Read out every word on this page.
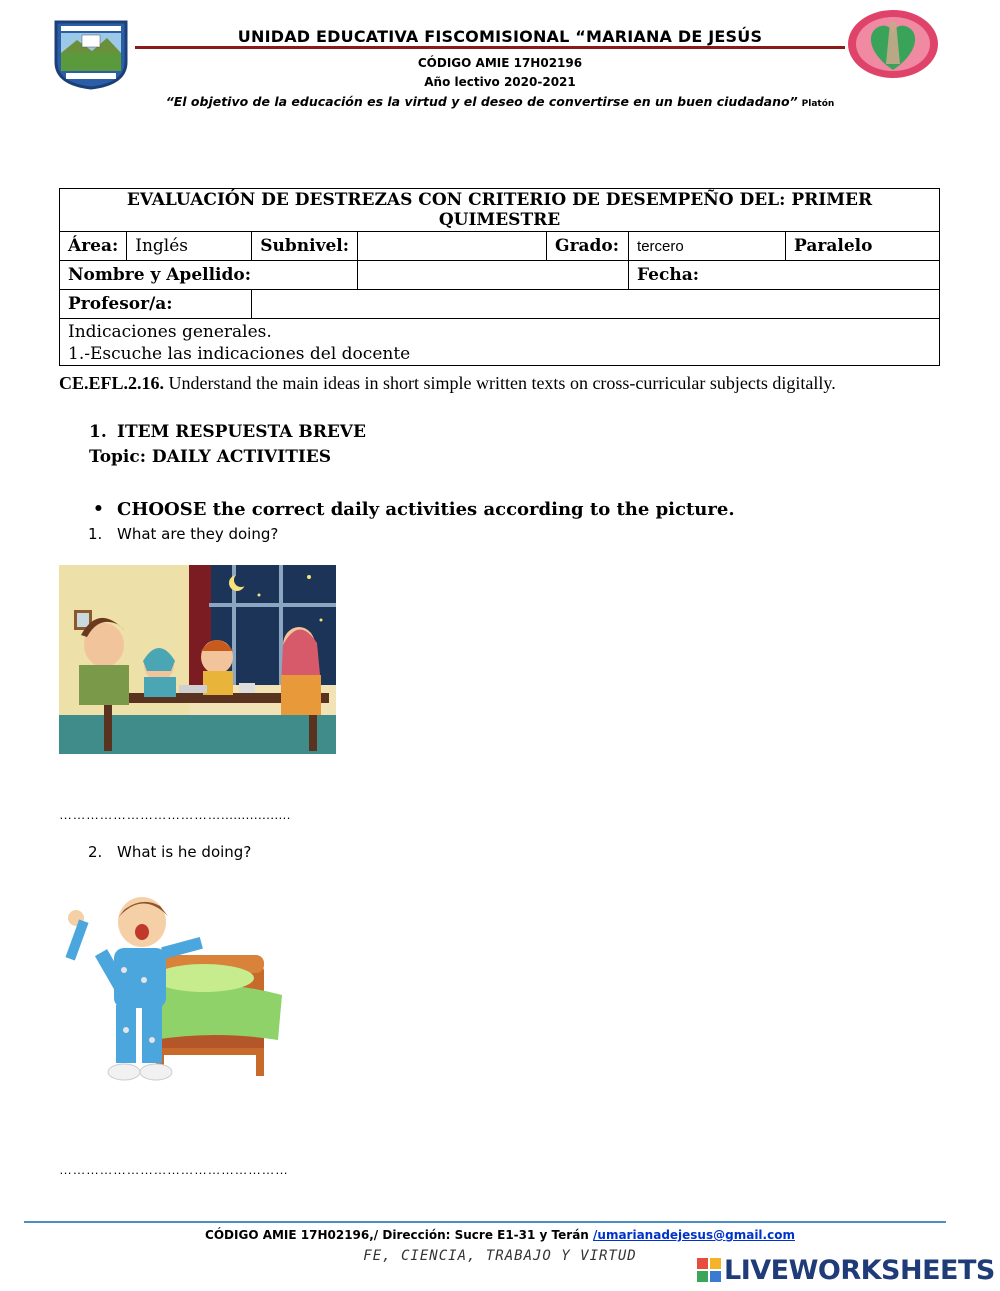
UNIDAD EDUCATIVA FISCOMISIONAL “MARIANA DE JESÚS
CÓDIGO AMIE 17H02196
Año lectivo 2020-2021
“El objetivo de la educación es la virtud y el deseo de convertirse en un buen ciudadano” Platón
EVALUACIÓN DE DESTREZAS CON CRITERIO DE DESEMPEÑO DEL: PRIMER QUIMESTRE						
Área:	Inglés	Subnivel:		Grado:	tercero	Paralelo
Nombre y Apellido:					Fecha:	
Profesor/a:						

Indicaciones generales.
1.-Escuche las indicaciones del docente						
CE.EFL.2.16. Understand the main ideas in short simple written texts on cross-curricular subjects digitally.
1. ITEM RESPUESTA BREVE
Topic: DAILY ACTIVITIES
• CHOOSE the correct daily activities according to the picture.
1. What are they doing?
……………………………….................
2. What is he doing?
……………………………………………
CÓDIGO AMIE 17H02196,/ Dirección: Sucre E1-31 y Terán /umarianadejesus@gmail.com
FE, CIENCIA, TRABAJO Y VIRTUD	LIVEWORKSHEETS
